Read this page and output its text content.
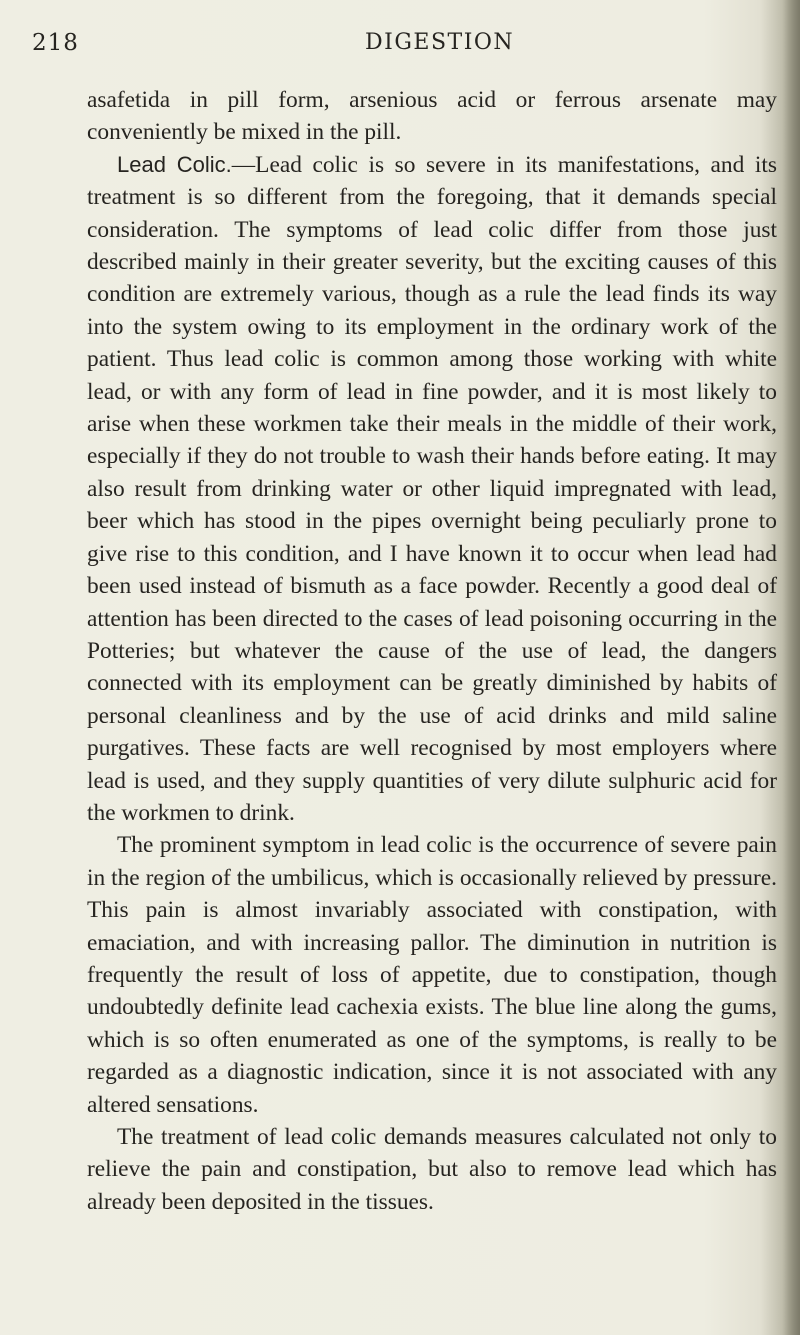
218	DIGESTION

asafetida in pill form, arsenious acid or ferrous arsenate may conveniently be mixed in the pill.

Lead Colic.—Lead colic is so severe in its manifestations, and its treatment is so different from the foregoing, that it demands special consideration. The symptoms of lead colic differ from those just described mainly in their greater severity, but the exciting causes of this condition are extremely various, though as a rule the lead finds its way into the system owing to its employment in the ordinary work of the patient. Thus lead colic is common among those working with white lead, or with any form of lead in fine powder, and it is most likely to arise when these workmen take their meals in the middle of their work, especially if they do not trouble to wash their hands before eating. It may also result from drinking water or other liquid impregnated with lead, beer which has stood in the pipes overnight being peculiarly prone to give rise to this condition, and I have known it to occur when lead had been used instead of bismuth as a face powder. Recently a good deal of attention has been directed to the cases of lead poisoning occurring in the Potteries; but whatever the cause of the use of lead, the dangers connected with its employment can be greatly diminished by habits of personal cleanliness and by the use of acid drinks and mild saline purgatives. These facts are well recognised by most employers where lead is used, and they supply quantities of very dilute sulphuric acid for the workmen to drink.

The prominent symptom in lead colic is the occurrence of severe pain in the region of the umbilicus, which is occasionally relieved by pressure. This pain is almost invariably associated with constipation, with emaciation, and with increasing pallor. The diminution in nutrition is frequently the result of loss of appetite, due to constipation, though undoubtedly definite lead cachexia exists. The blue line along the gums, which is so often enumerated as one of the symptoms, is really to be regarded as a diagnostic indication, since it is not associated with any altered sensations.

The treatment of lead colic demands measures calculated not only to relieve the pain and constipation, but also to remove lead which has already been deposited in the tissues.
